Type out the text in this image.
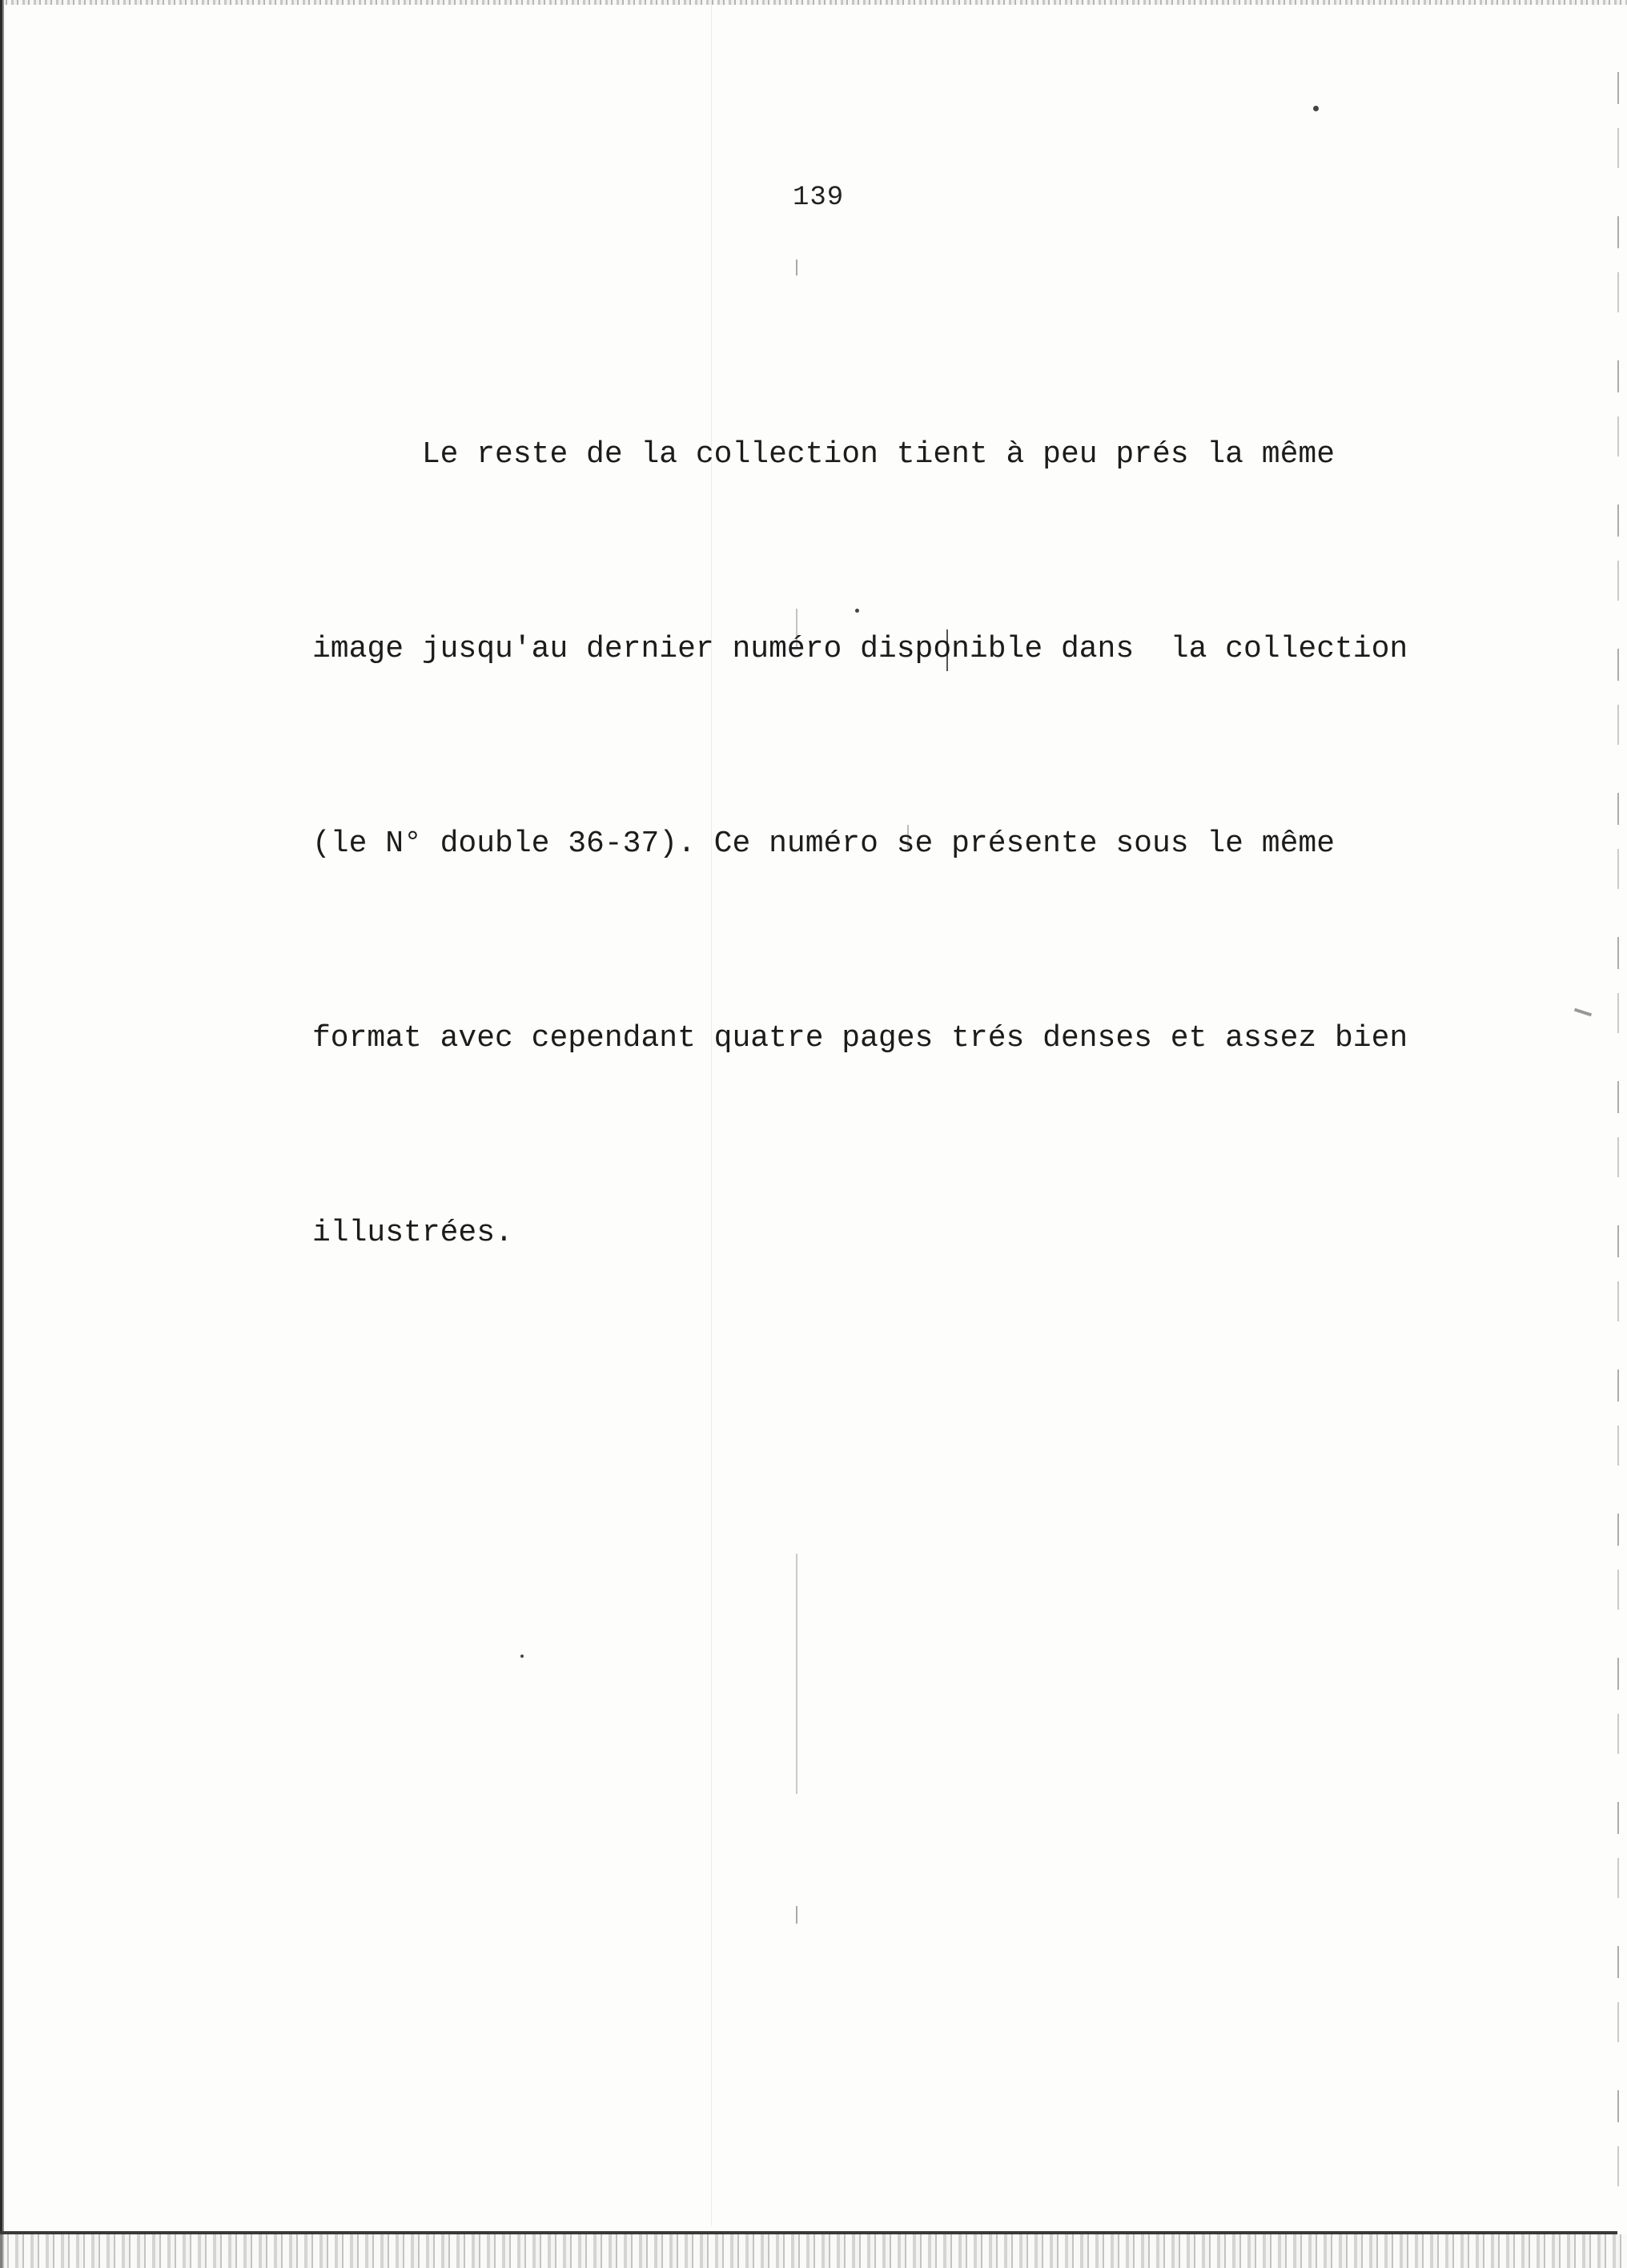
139

Le reste de la collection tient à peu prés la même

image jusqu'au dernier numéro disponible dans  la collection

(le N° double 36-37). Ce numéro se présente sous le même

format avec cependant quatre pages trés denses et assez bien

illustrées.
